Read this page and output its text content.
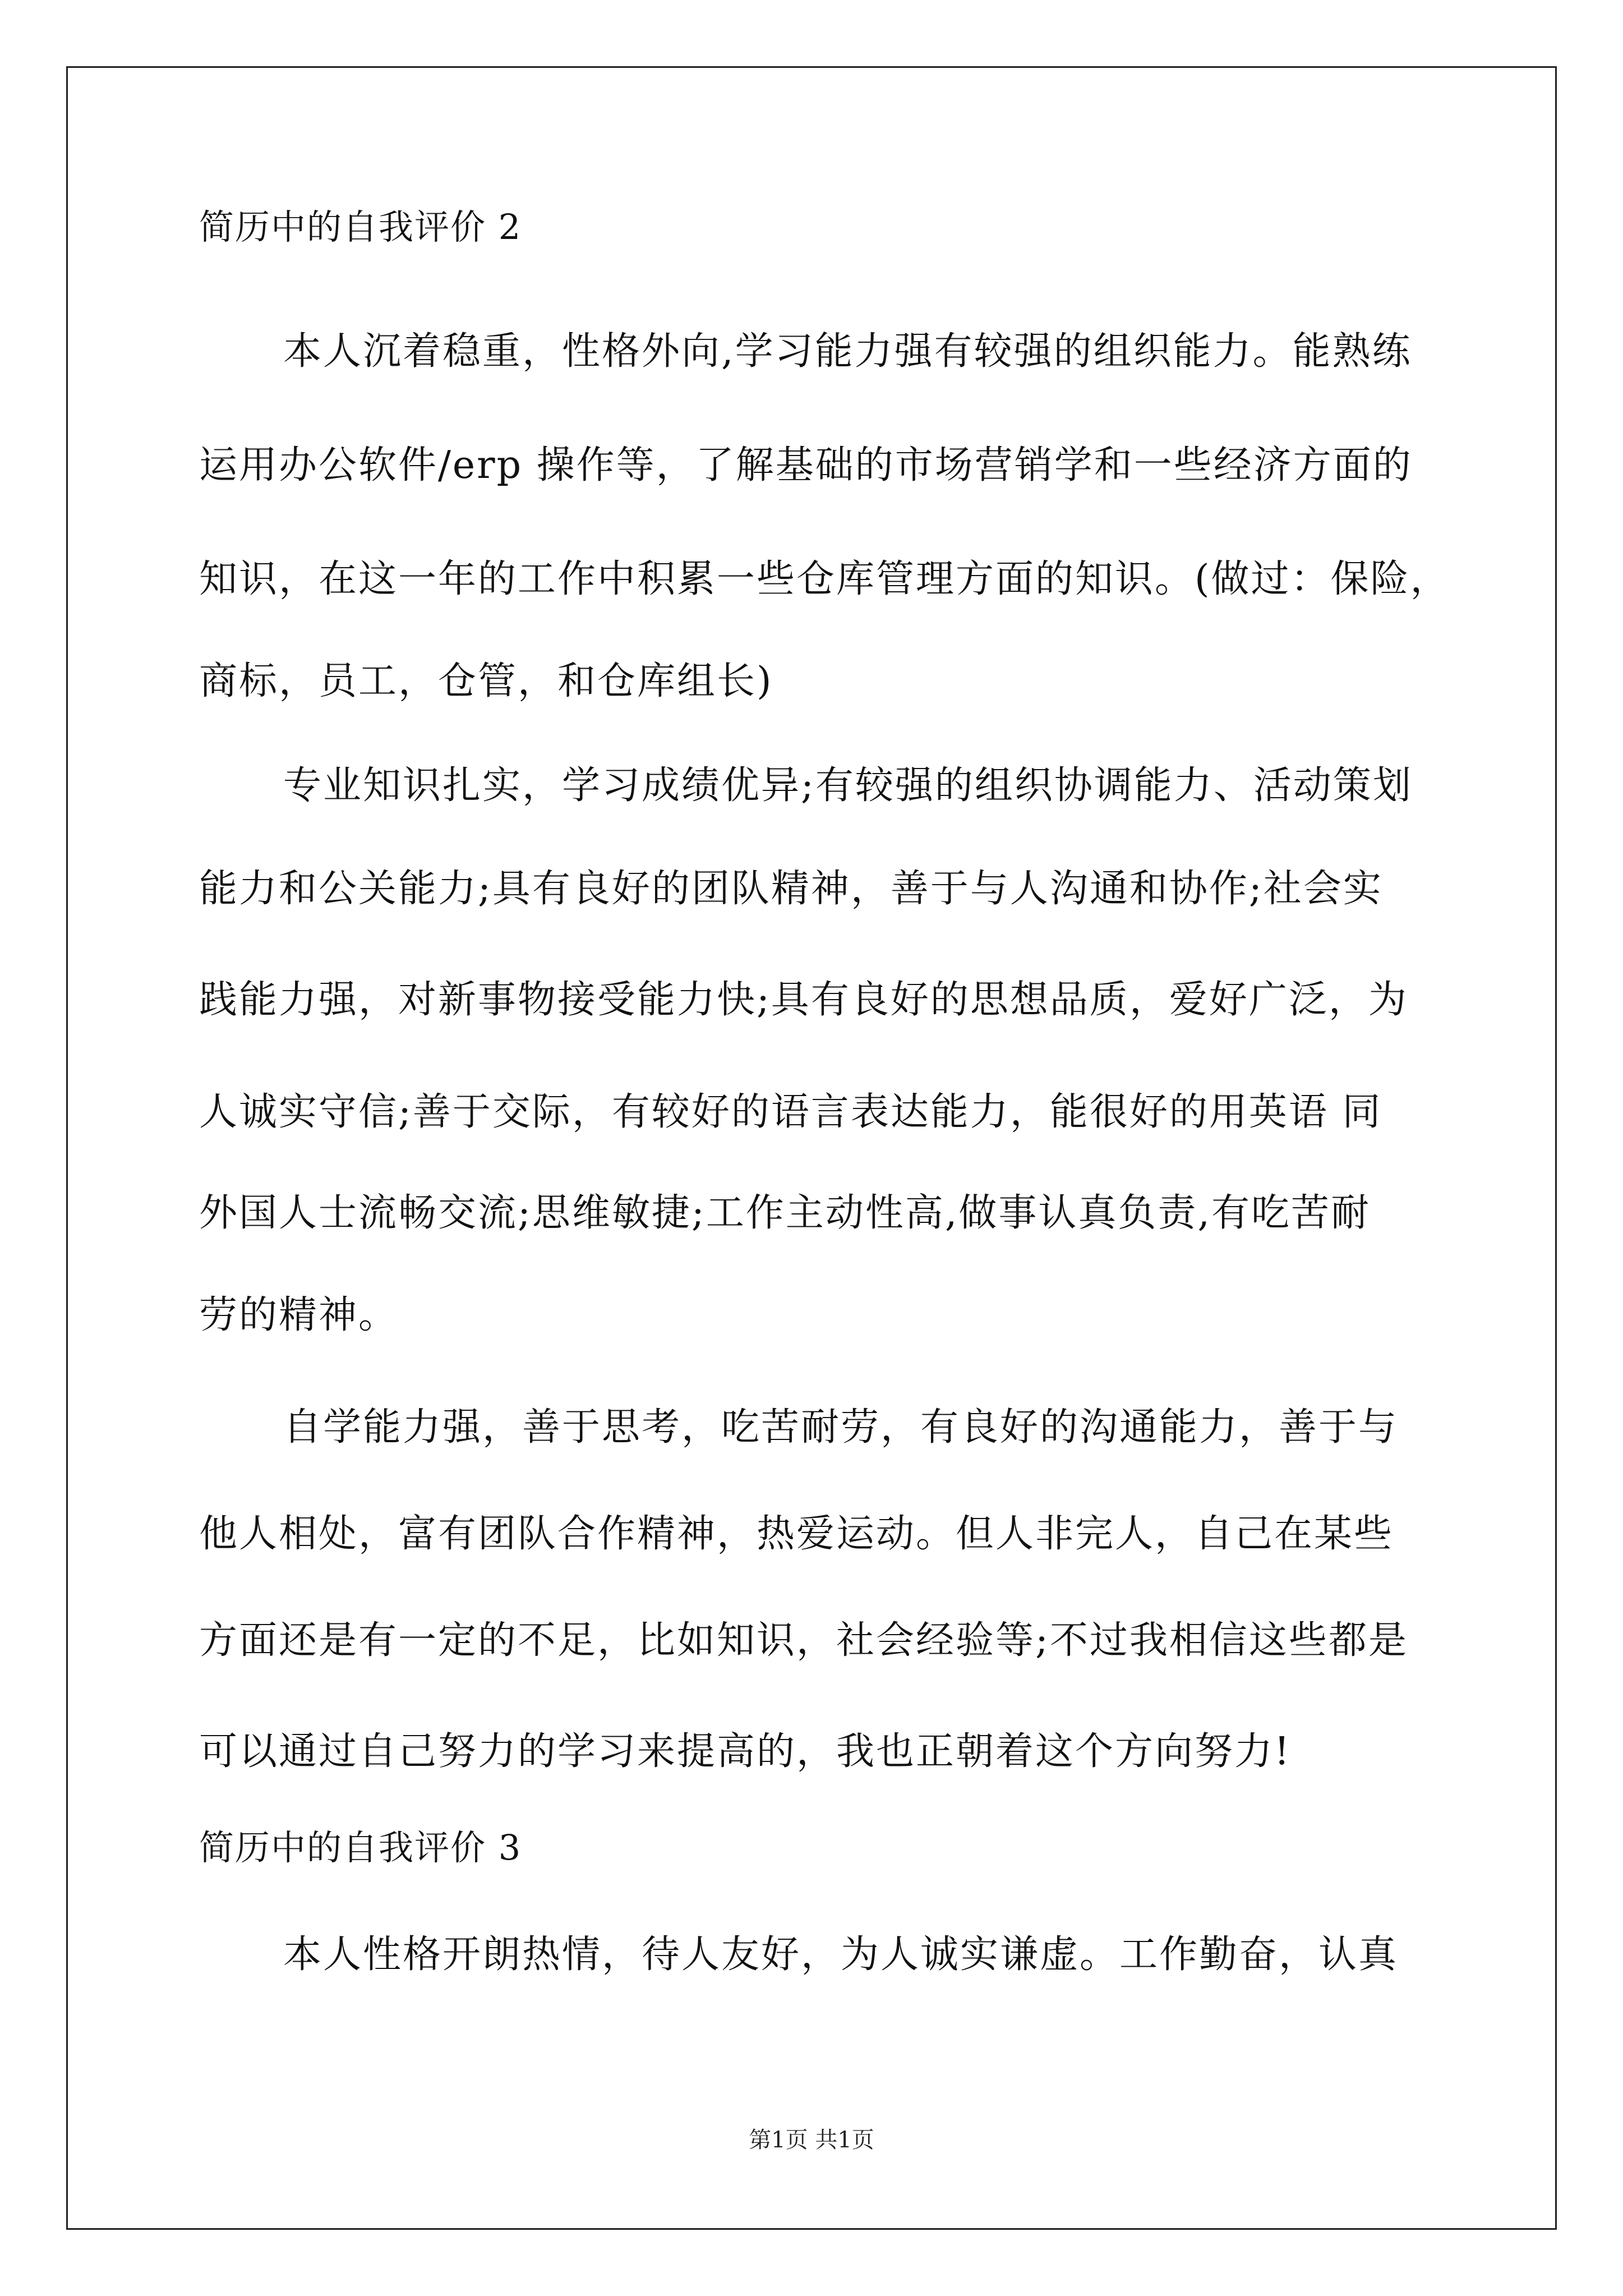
简历中的自我评价 2
本人沉着稳重，性格外向,学习能力强有较强的组织能力。能熟练
运用办公软件/erp 操作等，了解基础的市场营销学和一些经济方面的
知识，在这一年的工作中积累一些仓库管理方面的知识。(做过：保险，
商标，员工，仓管，和仓库组长)
专业知识扎实，学习成绩优异;有较强的组织协调能力、活动策划
能力和公关能力;具有良好的团队精神，善于与人沟通和协作;社会实
践能力强，对新事物接受能力快;具有良好的思想品质，爱好广泛，为
人诚实守信;善于交际，有较好的语言表达能力，能很好的用英语 同
外国人士流畅交流;思维敏捷;工作主动性高,做事认真负责,有吃苦耐
劳的精神。
自学能力强，善于思考，吃苦耐劳，有良好的沟通能力，善于与
他人相处，富有团队合作精神，热爱运动。但人非完人，自己在某些
方面还是有一定的不足，比如知识，社会经验等;不过我相信这些都是
可以通过自己努力的学习来提高的，我也正朝着这个方向努力!
简历中的自我评价 3
本人性格开朗热情，待人友好，为人诚实谦虚。工作勤奋，认真
第1页 共1页
